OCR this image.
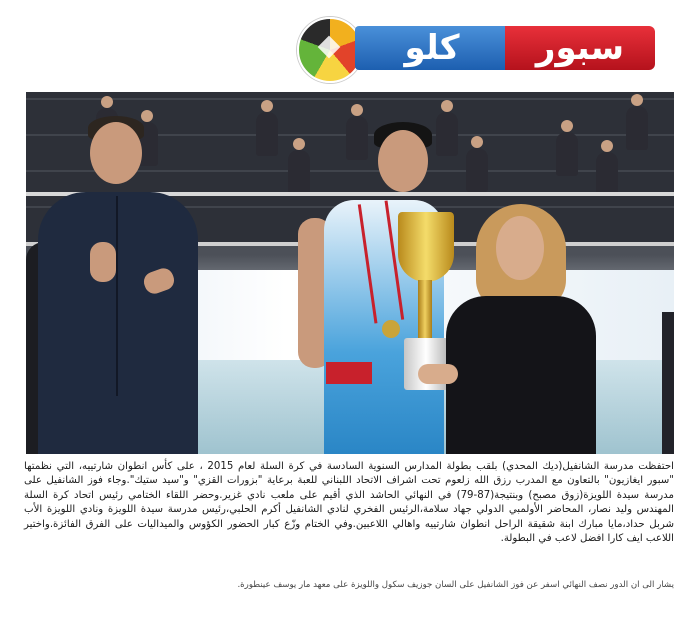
سبور
كلو
احتفظت مدرسة الشانفيل(ديك المحدي) بلقب بطولة المدارس السنوية السادسة في كرة السلة لعام 2015 ، على كأس انطوان شارتييه، التي نظمتها "سبور ايغازيون" بالتعاون مع المدرب رزق الله زلعوم تحت اشراف الاتحاد اللبناني للعبة برعاية "بزورات القزي" و"سيد ستيك".وجاء فوز الشانفيل على مدرسة سيدة اللويزة(زوق مصبح) وبنتيجة(87-79) في النهائي الحاشد الذي أقيم على ملعب نادي غزير.وحضر اللقاء الختامي رئيس اتحاد كرة السلة المهندس وليد نصار، المحاضر الأولمبي الدولي جهاد سلامة،الرئيس الفخري لنادي الشانفيل أكرم الحلبي،رئيس مدرسة سيدة اللويزة ونادي اللويزة الأب شربل حداد،مايا مبارك ابنة شقيقة الراحل انطوان شارتييه واهالي اللاعبين.وفي الختام وزّع كبار الحضور الكؤوس والميداليات على الفرق الفائزة.واختير اللاعب ايف كارا افضل لاعب في البطولة.
يشار الى ان الدور نصف النهائي اسفر عن فوز الشانفيل على السان جوزيف سكول واللويزة على معهد مار يوسف عينطورة.
